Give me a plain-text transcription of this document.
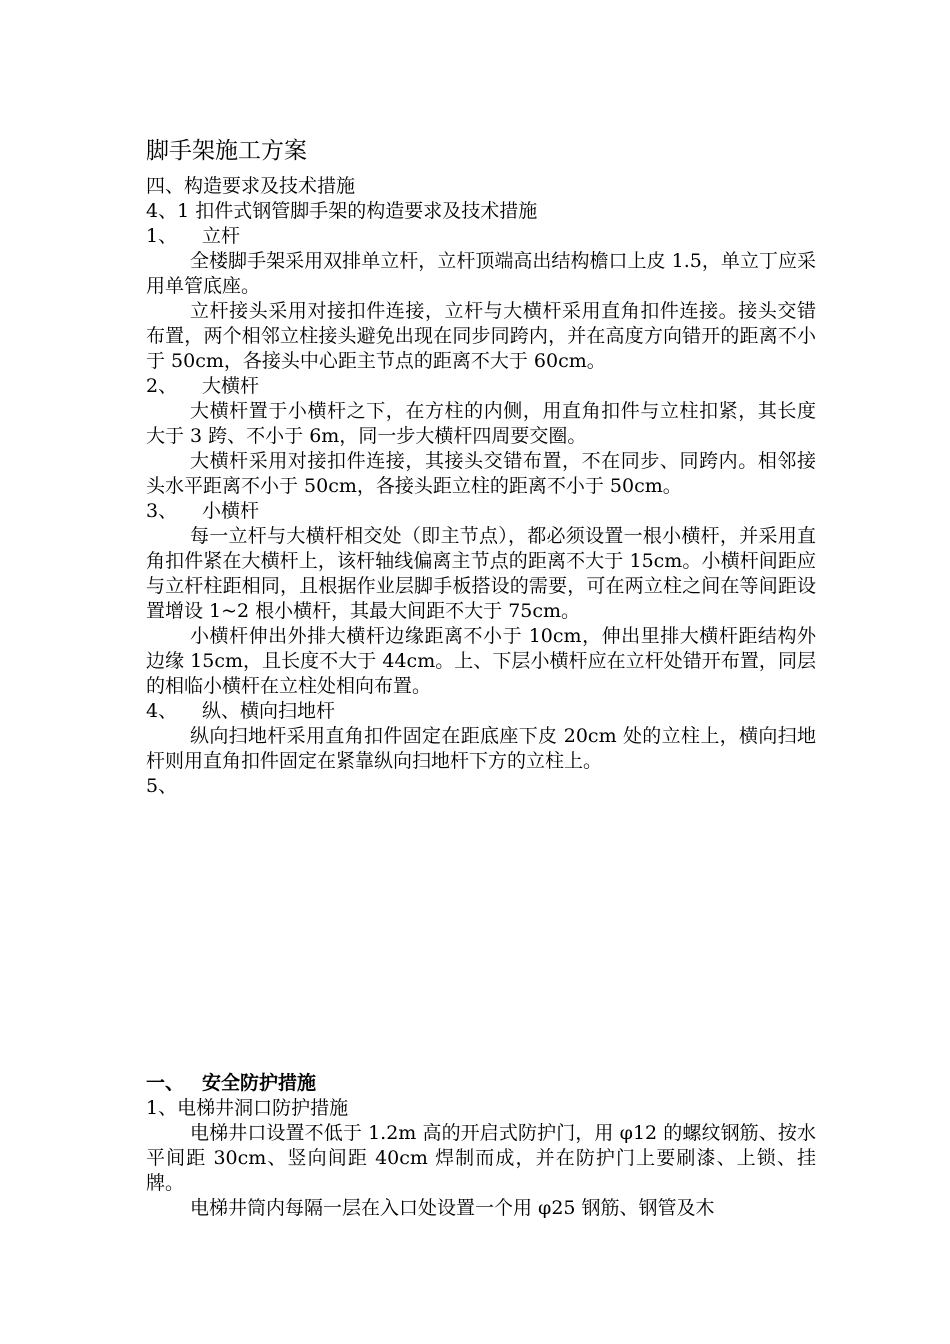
脚手架施工方案

四、构造要求及技术措施

4、1 扣件式钢管脚手架的构造要求及技术措施

1、 立杆

全楼脚手架采用双排单立杆，立杆顶端高出结构檐口上皮 1.5，单立丁应采用单管底座。

立杆接头采用对接扣件连接，立杆与大横杆采用直角扣件连接。接头交错布置，两个相邻立柱接头避免出现在同步同跨内，并在高度方向错开的距离不小于 50cm，各接头中心距主节点的距离不大于 60cm。

2、 大横杆

大横杆置于小横杆之下，在方柱的内侧，用直角扣件与立柱扣紧，其长度大于 3 跨、不小于 6m，同一步大横杆四周要交圈。

大横杆采用对接扣件连接，其接头交错布置，不在同步、同跨内。相邻接头水平距离不小于 50cm，各接头距立柱的距离不小于 50cm。

3、 小横杆

每一立杆与大横杆相交处（即主节点），都必须设置一根小横杆，并采用直角扣件紧在大横杆上，该杆轴线偏离主节点的距离不大于 15cm。小横杆间距应与立杆柱距相同，且根据作业层脚手板搭设的需要，可在两立柱之间在等间距设置增设 1~2 根小横杆，其最大间距不大于 75cm。

小横杆伸出外排大横杆边缘距离不小于 10cm，伸出里排大横杆距结构外边缘 15cm，且长度不大于 44cm。上、下层小横杆应在立杆处错开布置，同层的相临小横杆在立柱处相向布置。

4、 纵、横向扫地杆

纵向扫地杆采用直角扣件固定在距底座下皮 20cm 处的立柱上，横向扫地杆则用直角扣件固定在紧靠纵向扫地杆下方的立柱上。

5、

一、 安全防护措施

1、电梯井洞口防护措施

电梯井口设置不低于 1.2m 高的开启式防护门，用 φ12 的螺纹钢筋、按水平间距 30cm、竖向间距 40cm 焊制而成，并在防护门上要刷漆、上锁、挂牌。

电梯井筒内每隔一层在入口处设置一个用 φ25 钢筋、钢管及木
